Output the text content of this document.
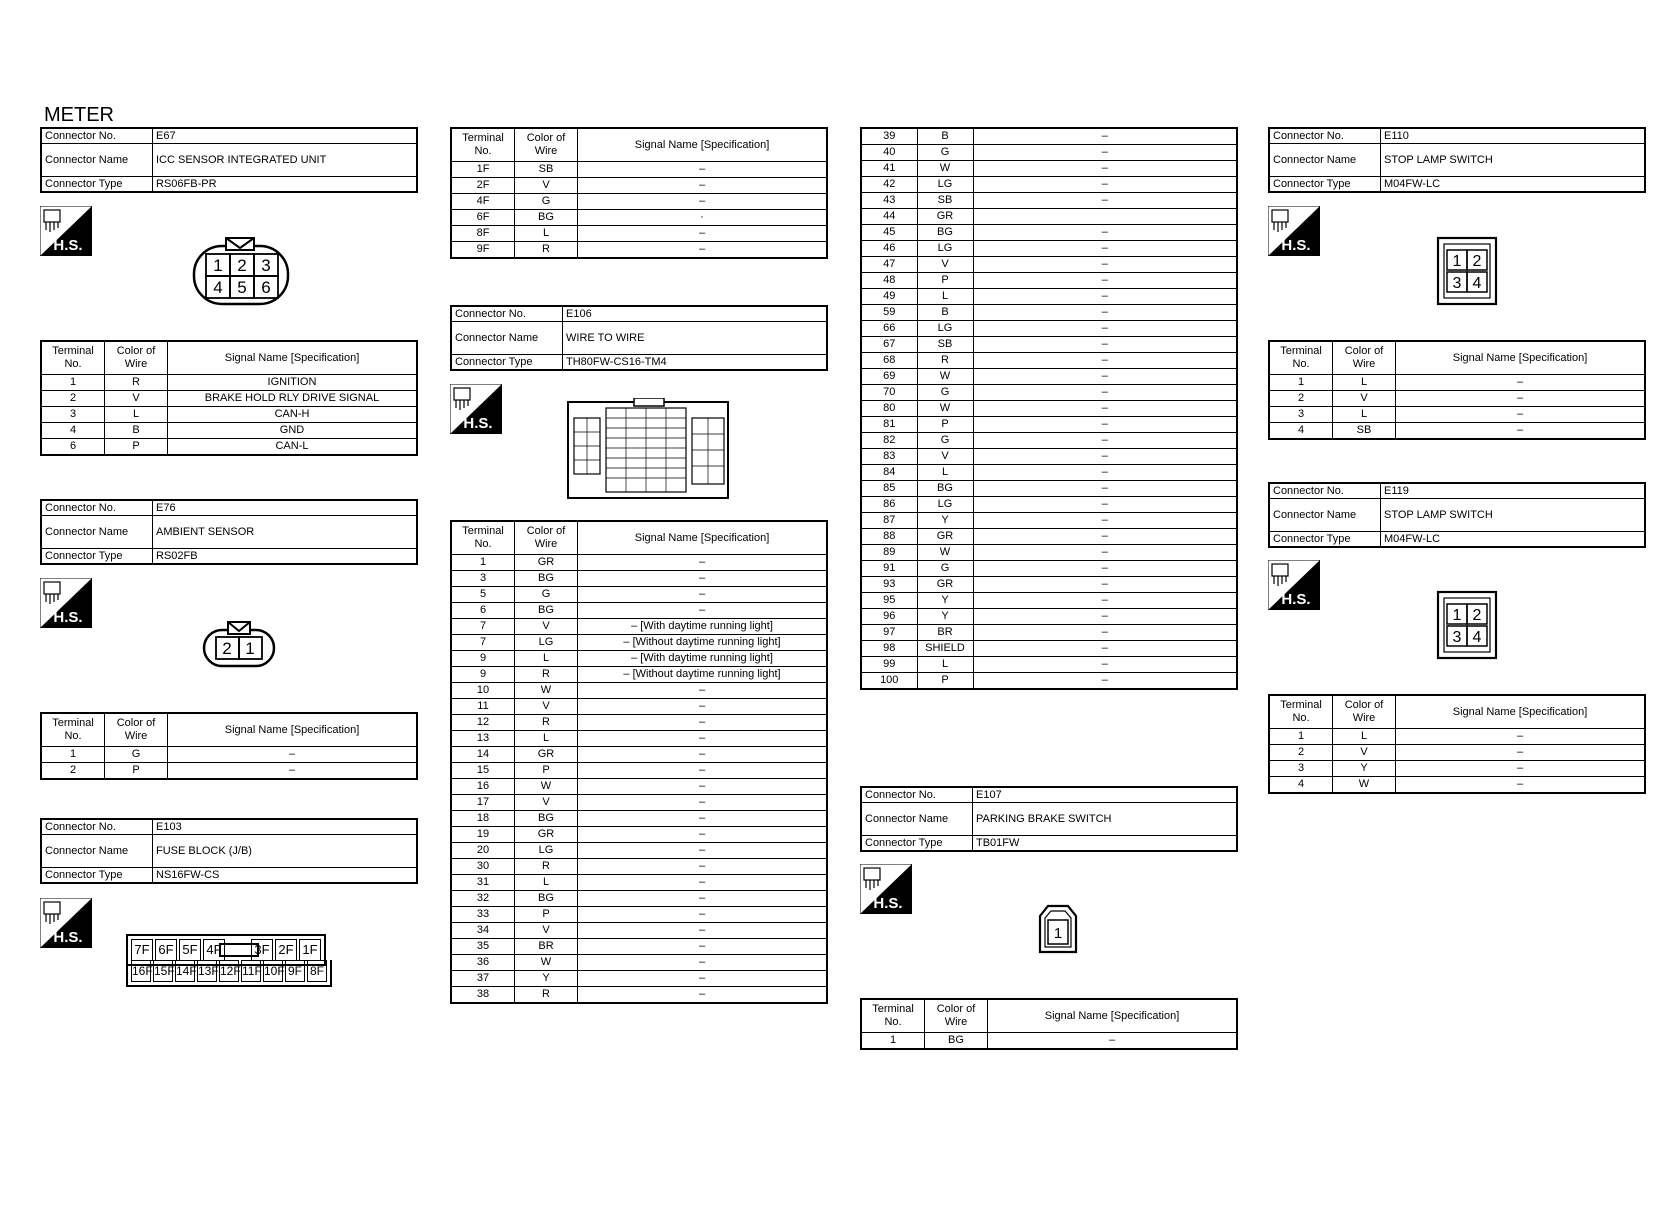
METER
Connector No.	E67
Connector Name	ICC SENSOR INTEGRATED UNIT
Connector Type	RS06FB-PR
H.S.
1 2 3
4 5 6
Terminal No.	Color of Wire	Signal Name [Specification]
1	R	IGNITION
2	V	BRAKE HOLD RLY DRIVE SIGNAL
3	L	CAN-H
4	B	GND
6	P	CAN-L
Connector No.	E76
Connector Name	AMBIENT SENSOR
Connector Type	RS02FB
H.S.
2 1
Terminal No.	Color of Wire	Signal Name [Specification]
1	G	–
2	P	–
Connector No.	E103
Connector Name	FUSE BLOCK (J/B)
Connector Type	NS16FW-CS
H.S.
7F 6F 5F 4F	3F 2F 1F
16F 15F 14F 13F 12F 11F 10F 9F 8F
Terminal No.	Color of Wire	Signal Name [Specification]
1F	SB	–
2F	V	–
4F	G	–
6F	BG	·
8F	L	–
9F	R	–
Connector No.	E106
Connector Name	WIRE TO WIRE
Connector Type	TH80FW-CS16-TM4
H.S.
Terminal No.	Color of Wire	Signal Name [Specification]
1	GR	–
3	BG	–
5	G	–
6	BG	–
7	V	– [With daytime running light]
7	LG	– [Without daytime running light]
9	L	– [With daytime running light]
9	R	– [Without daytime running light]
10	W	–
11	V	–
12	R	–
13	L	–
14	GR	–
15	P	–
16	W	–
17	V	–
18	BG	–
19	GR	–
20	LG	–
30	R	–
31	L	–
32	BG	–
33	P	–
34	V	–
35	BR	–
36	W	–
37	Y	–
38	R	–
39	B	–
40	G	–
41	W	–
42	LG	–
43	SB	–
44	GR	
45	BG	–
46	LG	–
47	V	–
48	P	–
49	L	–
59	B	–
66	LG	–
67	SB	–
68	R	–
69	W	–
70	G	–
80	W	–
81	P	–
82	G	–
83	V	–
84	L	–
85	BG	–
86	LG	–
87	Y	–
88	GR	–
89	W	–
91	G	–
93	GR	–
95	Y	–
96	Y	–
97	BR	–
98	SHIELD	–
99	L	–
100	P	–
Connector No.	E107
Connector Name	PARKING BRAKE SWITCH
Connector Type	TB01FW
H.S.
1
Terminal No.	Color of Wire	Signal Name [Specification]
1	BG	–
Connector No.	E110
Connector Name	STOP LAMP SWITCH
Connector Type	M04FW-LC
H.S.
1 2
3 4
Terminal No.	Color of Wire	Signal Name [Specification]
1	L	–
2	V	–
3	L	–
4	SB	–
Connector No.	E119
Connector Name	STOP LAMP SWITCH
Connector Type	M04FW-LC
H.S.
1 2
3 4
Terminal No.	Color of Wire	Signal Name [Specification]
1	L	–
2	V	–
3	Y	–
4	W	–
